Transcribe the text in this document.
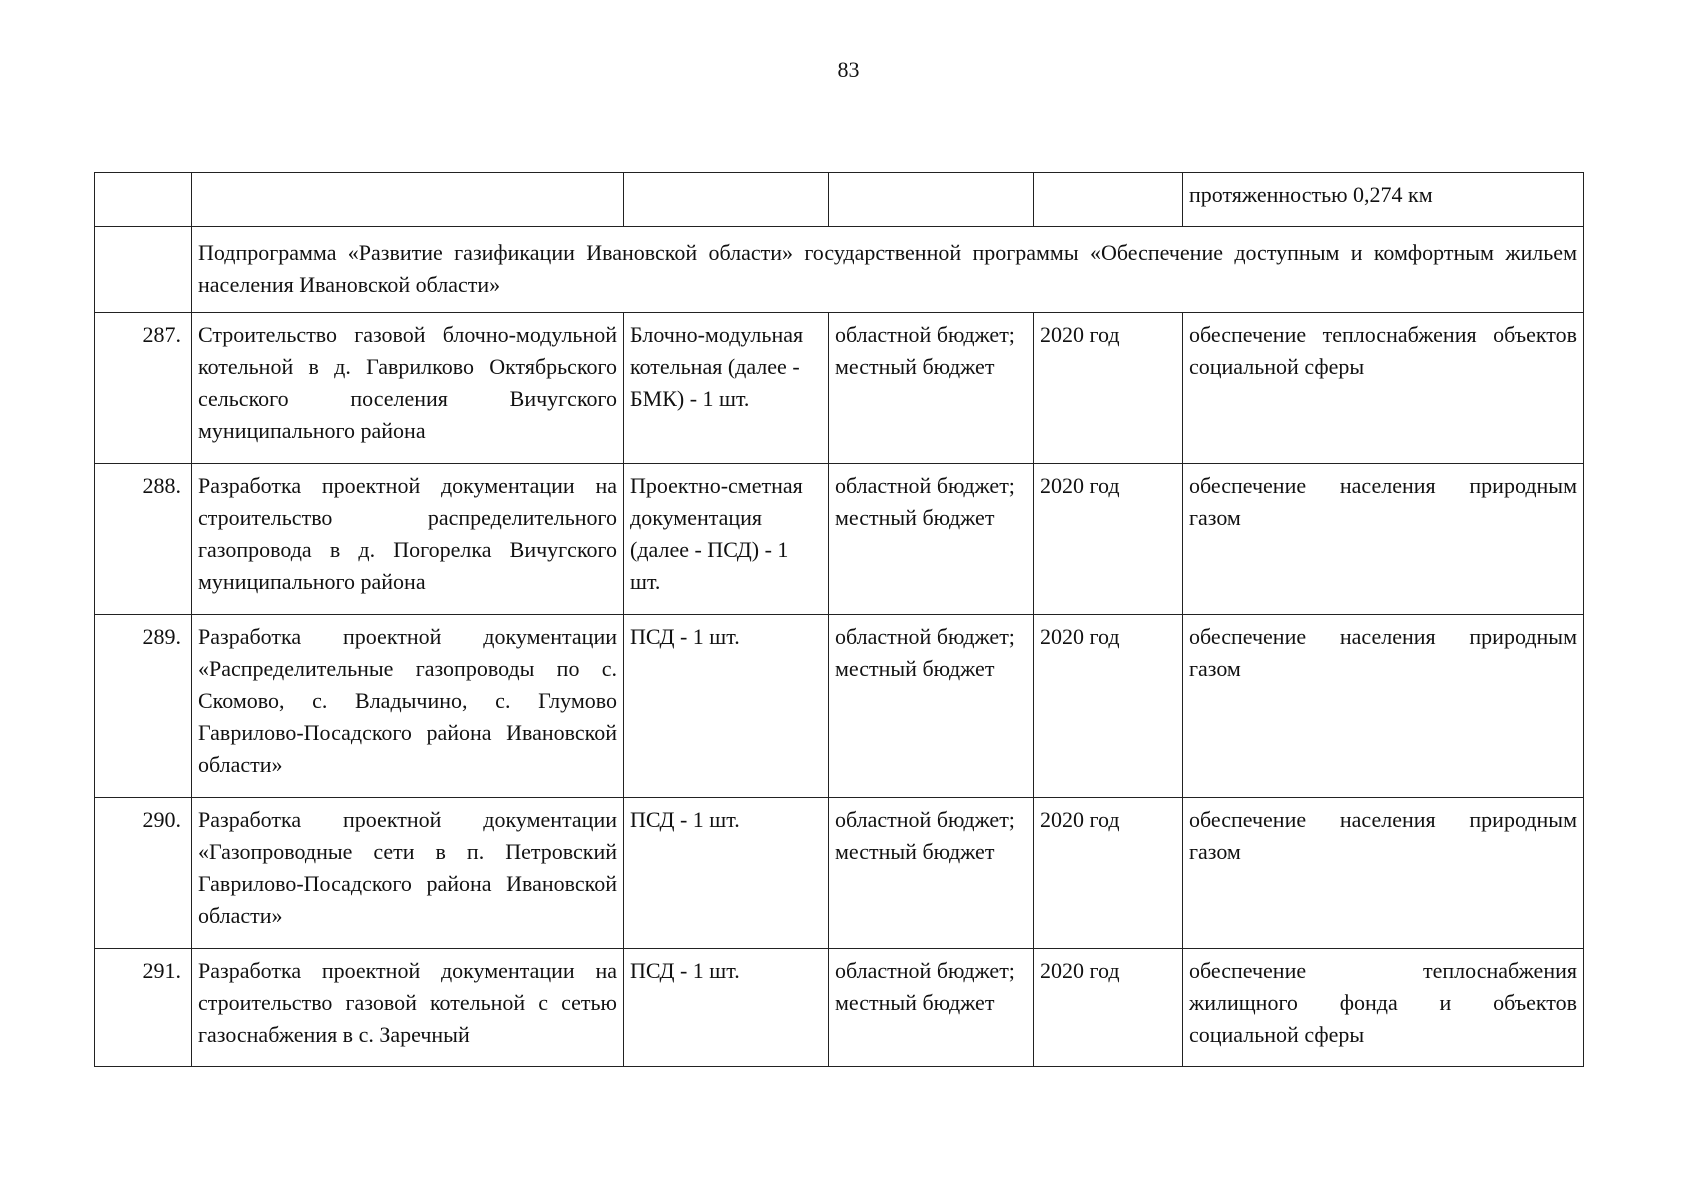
83
					протяженностью 0,274 км
	Подпрограмма «Развитие газификации Ивановской области» государственной программы «Обеспечение доступным и комфортным жильем населения Ивановской области»				
287.	Строительство газовой блочно-модульной котельной в д. Гаврилково Октябрьского сельского поселения Вичугского муниципального района	Блочно-модульная котельная (далее - БМК) - 1 шт.	областной бюджет; местный бюджет	2020 год	обеспечение теплоснабжения объектов социальной сферы
288.	Разработка проектной документации на строительство распределительного газопровода в д. Погорелка Вичугского муниципального района	Проектно-сметная документация (далее - ПСД) - 1 шт.	областной бюджет; местный бюджет	2020 год	обеспечение населения природным газом
289.	Разработка проектной документации «Распределительные газопроводы по с. Скомово, с. Владычино, с. Глумово Гаврилово-Посадского района Ивановской области»	ПСД - 1 шт.	областной бюджет; местный бюджет	2020 год	обеспечение населения природным газом
290.	Разработка проектной документации «Газопроводные сети в п. Петровский Гаврилово-Посадского района Ивановской области»	ПСД - 1 шт.	областной бюджет; местный бюджет	2020 год	обеспечение населения природным газом
291.	Разработка проектной документации на строительство газовой котельной с сетью газоснабжения в с. Заречный	ПСД - 1 шт.	областной бюджет; местный бюджет	2020 год	обеспечение теплоснабжения жилищного фонда и объектов социальной сферы
